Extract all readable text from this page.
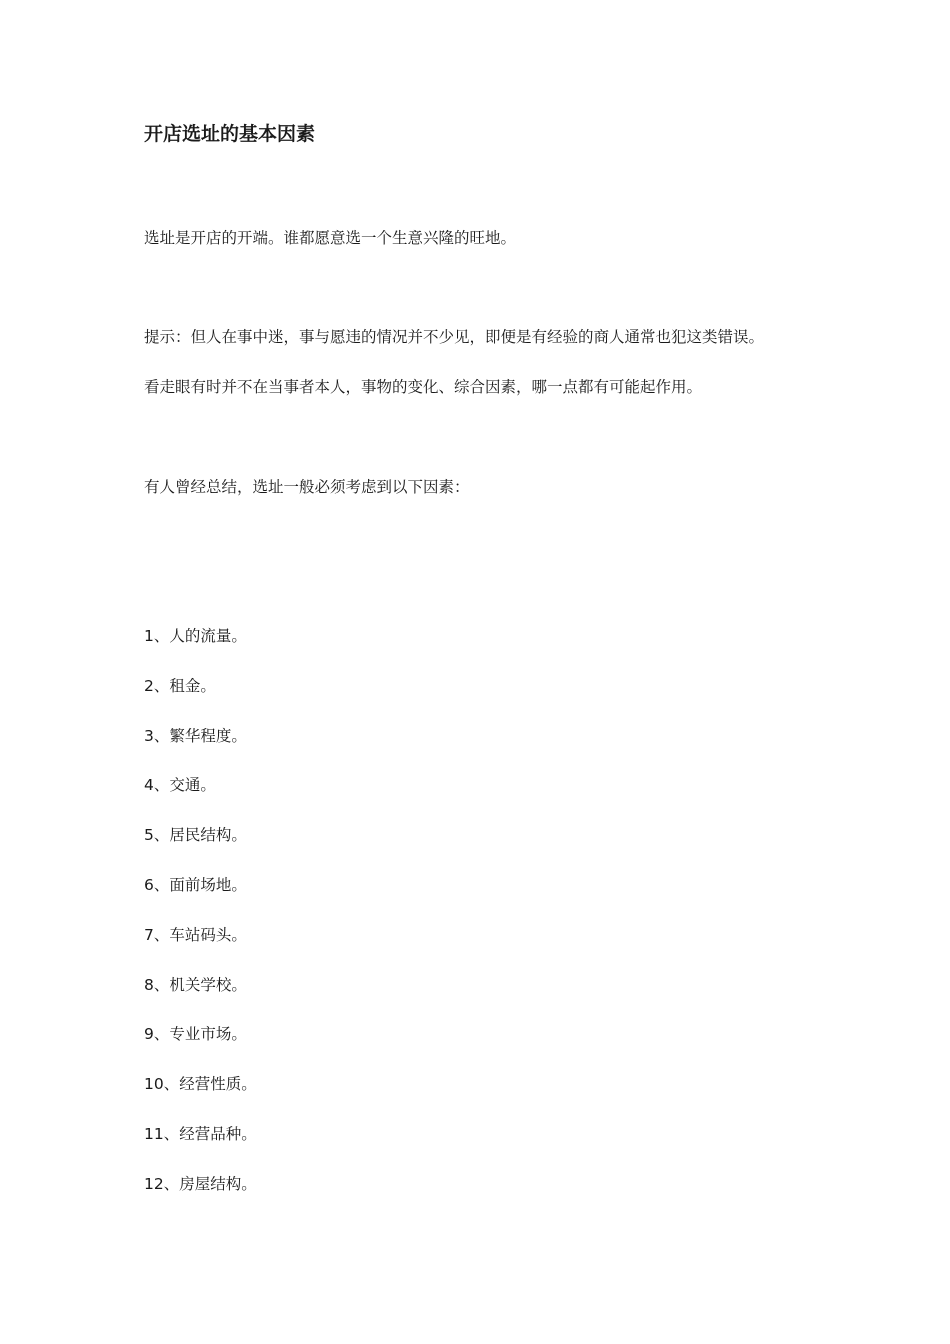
开店选址的基本因素
选址是开店的开端。谁都愿意选一个生意兴隆的旺地。
提示：但人在事中迷，事与愿违的情况并不少见，即便是有经验的商人通常也犯这类错误。
看走眼有时并不在当事者本人，事物的变化、综合因素，哪一点都有可能起作用。
有人曾经总结，选址一般必须考虑到以下因素：
1、人的流量。
2、租金。
3、繁华程度。
4、交通。
5、居民结构。
6、面前场地。
7、车站码头。
8、机关学校。
9、专业市场。
10、经营性质。
11、经营品种。
12、房屋结构。
